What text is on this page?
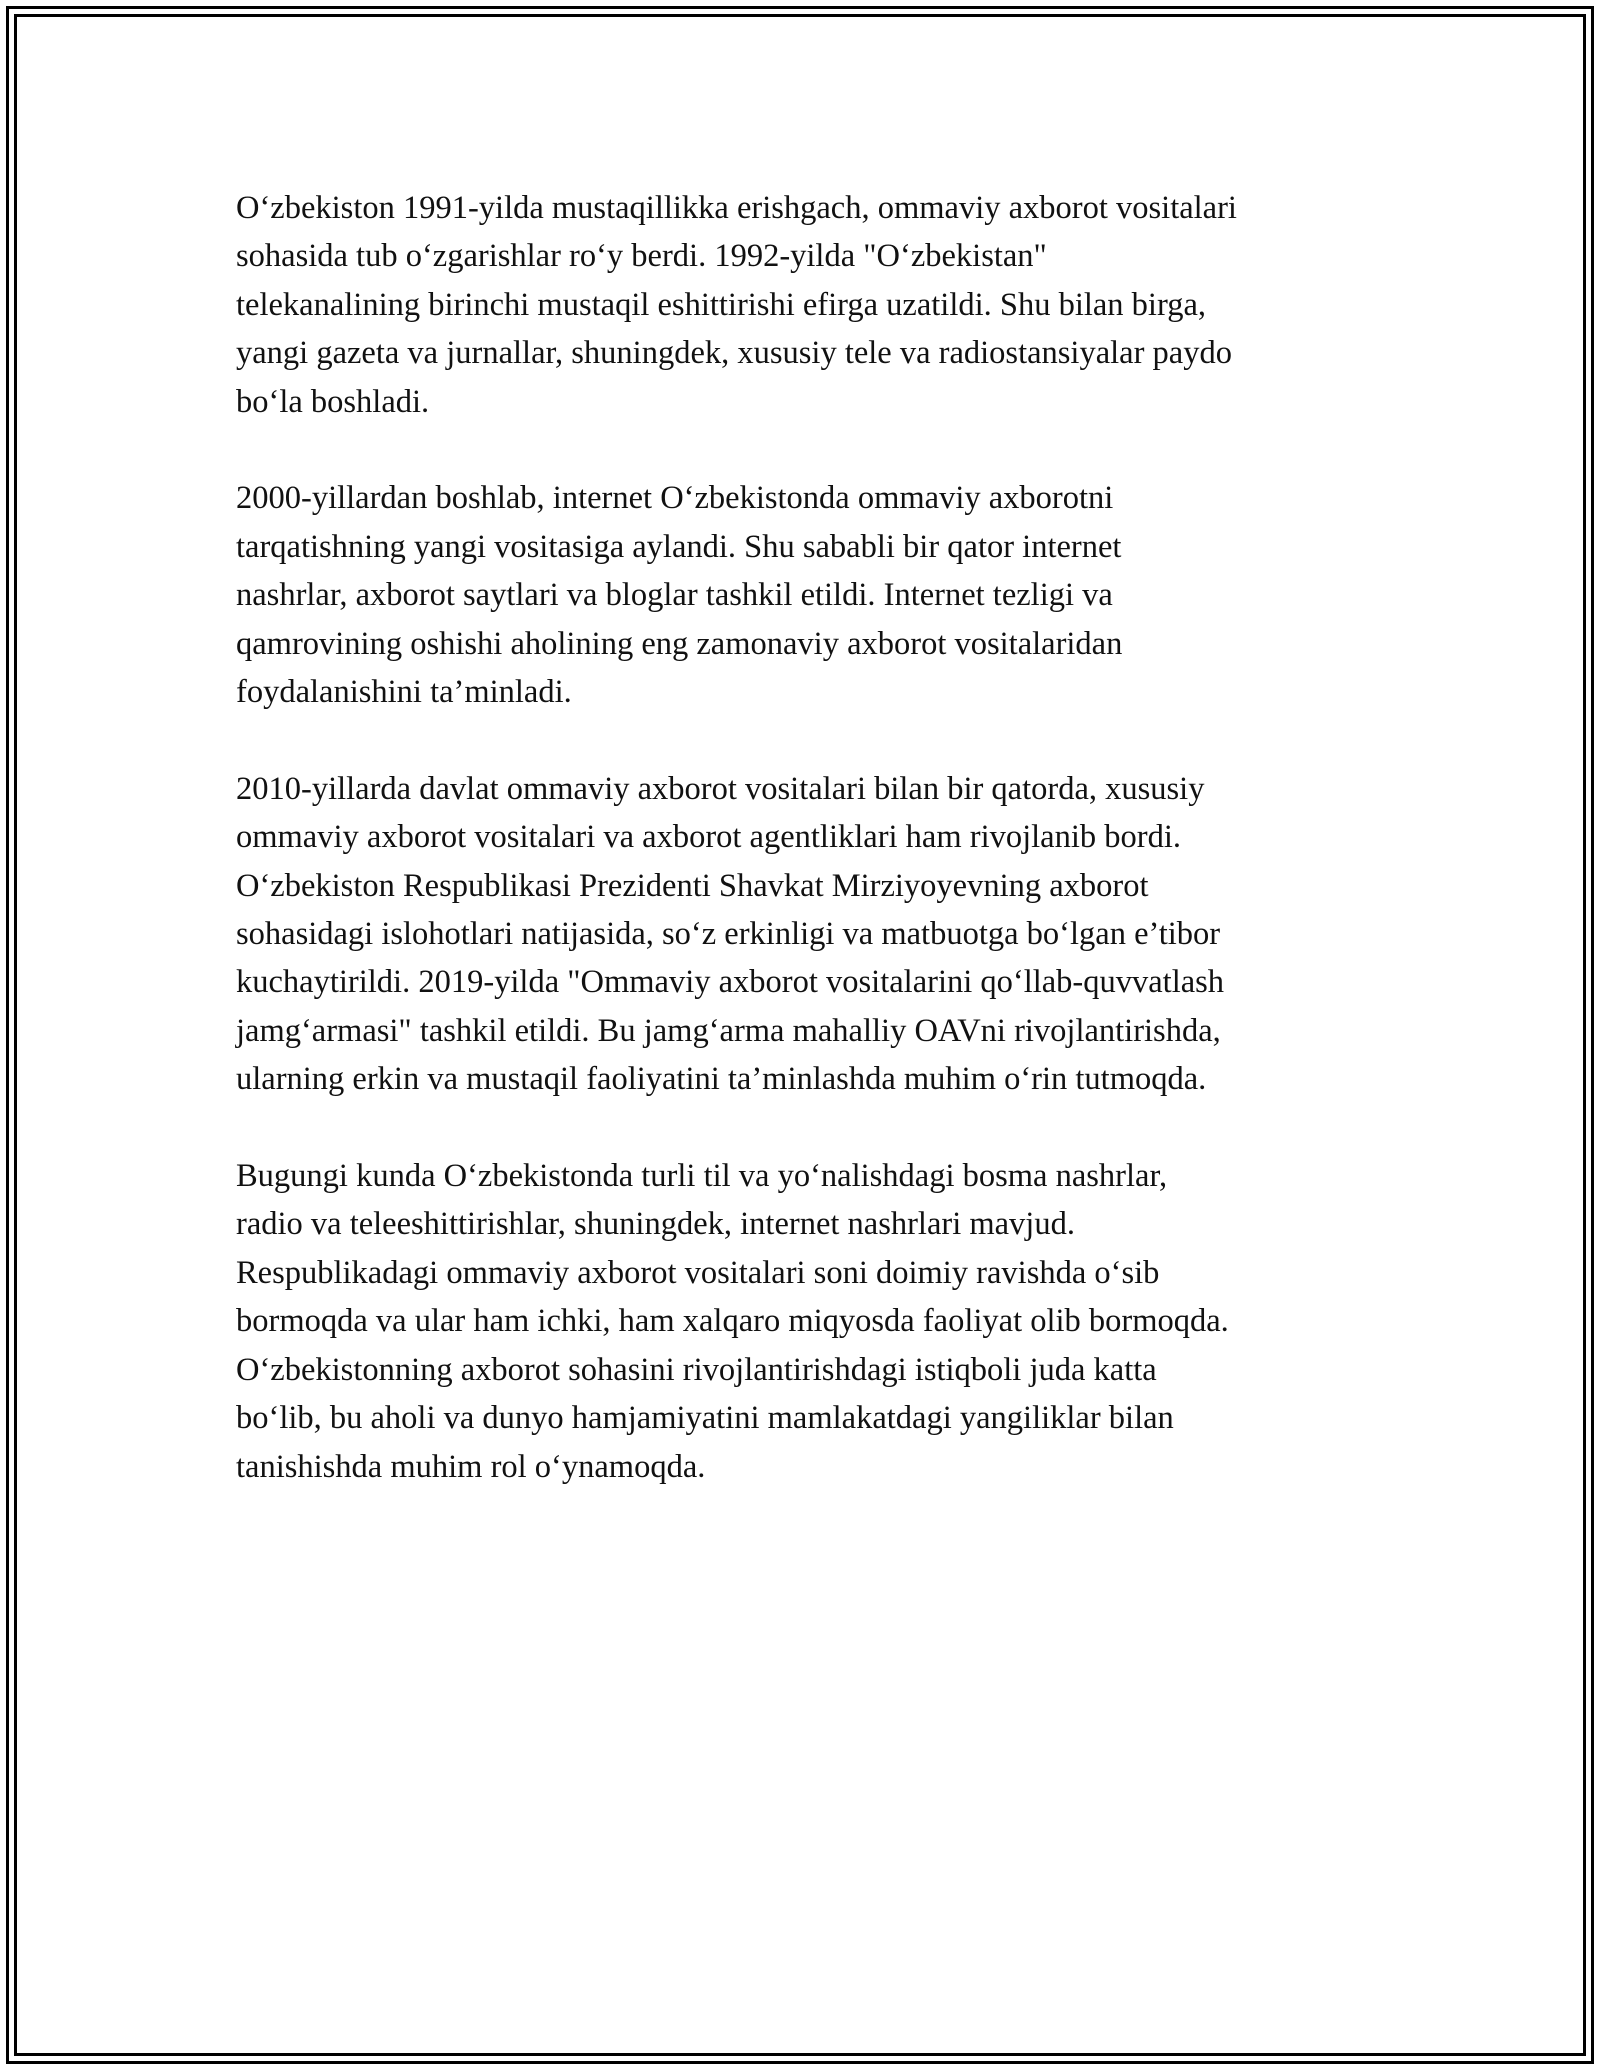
O‘zbekiston 1991-yilda mustaqillikka erishgach, ommaviy axborot vositalari
sohasida tub o‘zgarishlar ro‘y berdi. 1992-yilda "O‘zbekistan"
telekanalining birinchi mustaqil eshittirishi efirga uzatildi. Shu bilan birga,
yangi gazeta va jurnallar, shuningdek, xususiy tele va radiostansiyalar paydo
bo‘la boshladi.

2000-yillardan boshlab, internet O‘zbekistonda ommaviy axborotni
tarqatishning yangi vositasiga aylandi. Shu sababli bir qator internet
nashrlar, axborot saytlari va bloglar tashkil etildi. Internet tezligi va
qamrovining oshishi aholining eng zamonaviy axborot vositalaridan
foydalanishini ta’minladi.

2010-yillarda davlat ommaviy axborot vositalari bilan bir qatorda, xususiy
ommaviy axborot vositalari va axborot agentliklari ham rivojlanib bordi.
O‘zbekiston Respublikasi Prezidenti Shavkat Mirziyoyevning axborot
sohasidagi islohotlari natijasida, so‘z erkinligi va matbuotga bo‘lgan e’tibor
kuchaytirildi. 2019-yilda "Ommaviy axborot vositalarini qo‘llab-quvvatlash
jamg‘armasi" tashkil etildi. Bu jamg‘arma mahalliy OAVni rivojlantirishda,
ularning erkin va mustaqil faoliyatini ta’minlashda muhim o‘rin tutmoqda.

Bugungi kunda O‘zbekistonda turli til va yo‘nalishdagi bosma nashrlar,
radio va teleeshittirishlar, shuningdek, internet nashrlari mavjud.
Respublikadagi ommaviy axborot vositalari soni doimiy ravishda o‘sib
bormoqda va ular ham ichki, ham xalqaro miqyosda faoliyat olib bormoqda.
O‘zbekistonning axborot sohasini rivojlantirishdagi istiqboli juda katta
bo‘lib, bu aholi va dunyo hamjamiyatini mamlakatdagi yangiliklar bilan
tanishishda muhim rol o‘ynamoqda.
